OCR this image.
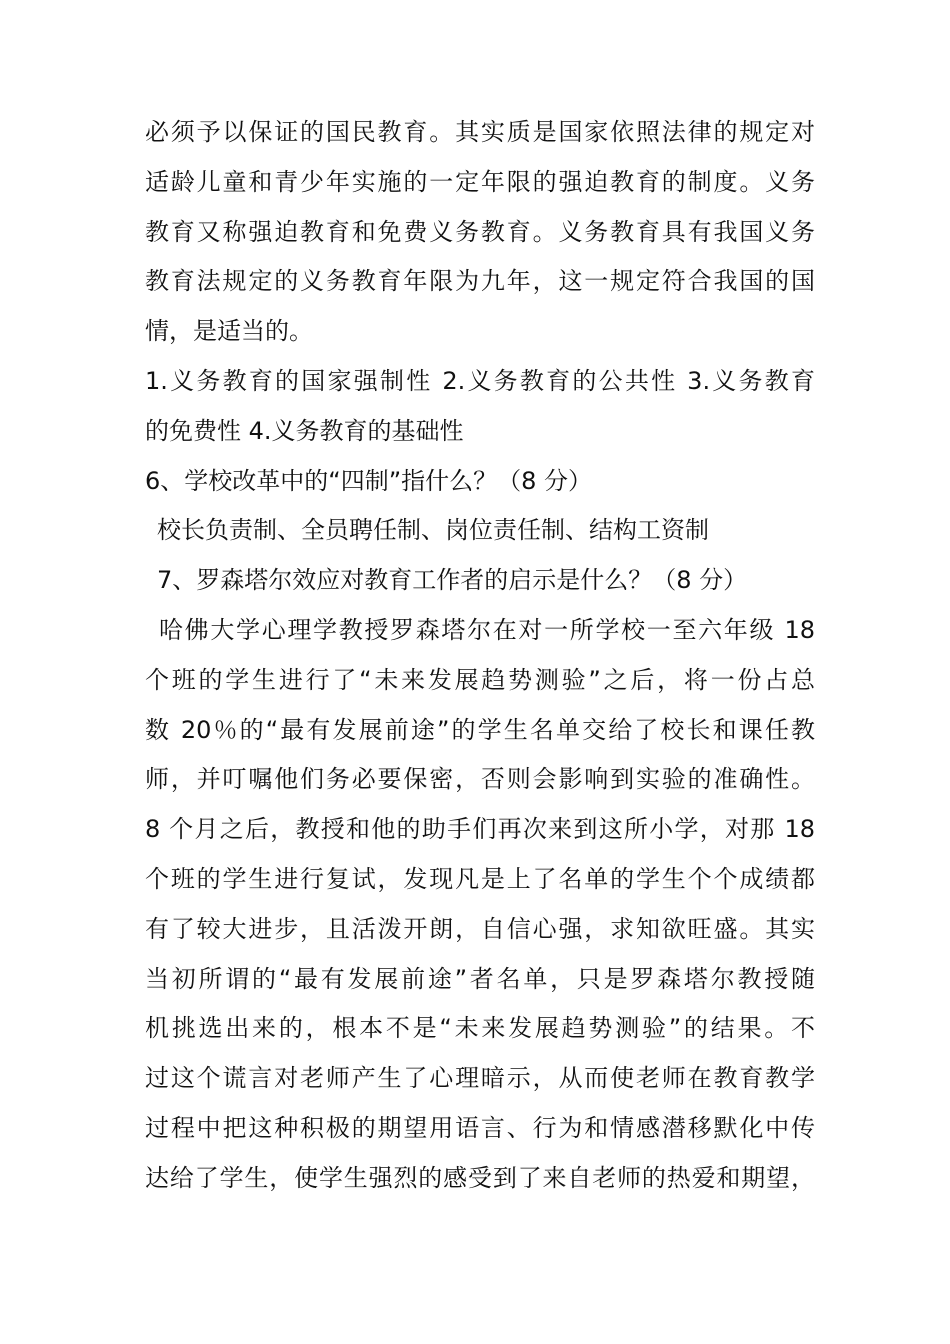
必须予以保证的国民教育。其实质是国家依照法律的规定对
适龄儿童和青少年实施的一定年限的强迫教育的制度。义务
教育又称强迫教育和免费义务教育。义务教育具有我国义务
教育法规定的义务教育年限为九年，这一规定符合我国的国
情，是适当的。
1.义务教育的国家强制性 2.义务教育的公共性 3.义务教育
的免费性 4.义务教育的基础性
6、学校改革中的“四制”指什么？（8 分）
校长负责制、全员聘任制、岗位责任制、结构工资制
7、罗森塔尔效应对教育工作者的启示是什么？（8 分）
哈佛大学心理学教授罗森塔尔在对一所学校一至六年级 18
个班的学生进行了“未来发展趋势测验”之后，将一份占总
数 20％的“最有发展前途”的学生名单交给了校长和课任教
师，并叮嘱他们务必要保密，否则会影响到实验的准确性。
8 个月之后，教授和他的助手们再次来到这所小学，对那 18
个班的学生进行复试，发现凡是上了名单的学生个个成绩都
有了较大进步，且活泼开朗，自信心强，求知欲旺盛。其实
当初所谓的“最有发展前途”者名单，只是罗森塔尔教授随
机挑选出来的，根本不是“未来发展趋势测验”的结果。不
过这个谎言对老师产生了心理暗示，从而使老师在教育教学
过程中把这种积极的期望用语言、行为和情感潜移默化中传
达给了学生，使学生强烈的感受到了来自老师的热爱和期望，
